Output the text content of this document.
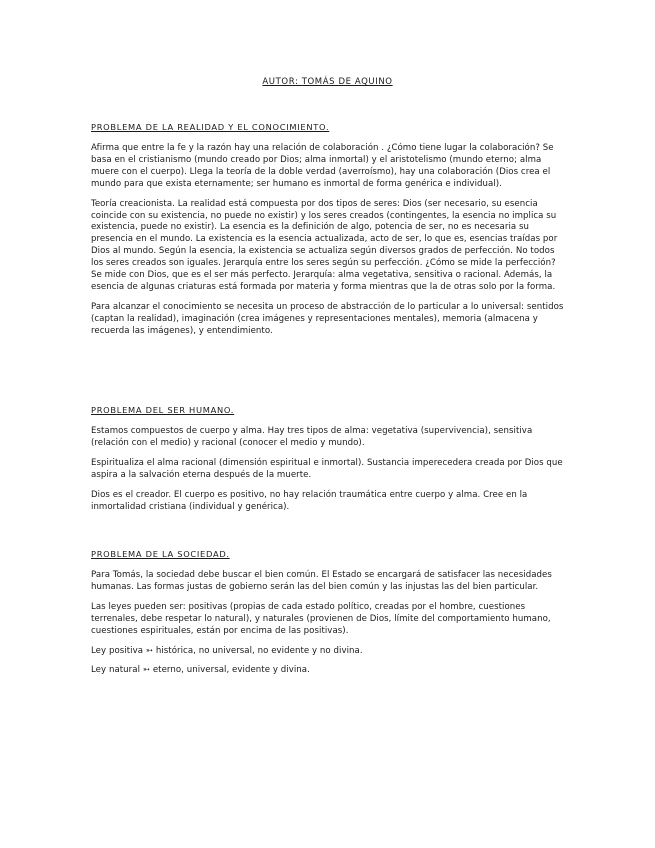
AUTOR: TOMÁS DE AQUINO
PROBLEMA DE LA REALIDAD Y EL CONOCIMIENTO.

Afirma que entre la fe y la razón hay una relación de colaboración . ¿Cómo tiene lugar la colaboración? Se basa en el cristianismo (mundo creado por Dios; alma inmortal) y el aristotelismo (mundo eterno; alma muere con el cuerpo). Llega la teoría de la doble verdad (averroísmo), hay una colaboración (Dios crea el mundo para que exista eternamente; ser humano es inmortal de forma genérica e individual).

Teoría creacionista. La realidad está compuesta por dos tipos de seres: Dios (ser necesario, su esencia coincide con su existencia, no puede no existir) y los seres creados (contingentes, la esencia no implica su existencia, puede no existir). La esencia es la definición de algo, potencia de ser, no es necesaria su presencia en el mundo. La existencia es la esencia actualizada, acto de ser, lo que es, esencias traídas por Dios al mundo. Según la esencia, la existencia se actualiza según diversos grados de perfección. No todos los seres creados son iguales. Jerarquía entre los seres según su perfección. ¿Cómo se mide la perfección? Se mide con Dios, que es el ser más perfecto. Jerarquía: alma vegetativa, sensitiva o racional. Además, la esencia de algunas criaturas está formada por materia y forma mientras que la de otras solo por la forma.

Para alcanzar el conocimiento se necesita un proceso de abstracción de lo particular a lo universal: sentidos (captan la realidad), imaginación (crea imágenes y representaciones mentales), memoria (almacena y recuerda las imágenes), y entendimiento.

PROBLEMA DEL SER HUMANO.

Estamos compuestos de cuerpo y alma. Hay tres tipos de alma: vegetativa (supervivencia), sensitiva (relación con el medio) y racional (conocer el medio y mundo).

Espiritualiza el alma racional (dimensión espiritual e inmortal). Sustancia imperecedera creada por Dios que aspira a la salvación eterna después de la muerte.

Dios es el creador. El cuerpo es positivo, no hay relación traumática entre cuerpo y alma. Cree en la inmortalidad cristiana (individual y genérica).

PROBLEMA DE LA SOCIEDAD.

Para Tomás, la sociedad debe buscar el bien común. El Estado se encargará de satisfacer las necesidades humanas. Las formas justas de gobierno serán las del bien común y las injustas las del bien particular.

Las leyes pueden ser: positivas (propias de cada estado político, creadas por el hombre, cuestiones terrenales, debe respetar lo natural), y naturales (provienen de Dios, límite del comportamiento humano, cuestiones espirituales, están por encima de las positivas).

Ley positiva ➳ histórica, no universal, no evidente y no divina.

Ley natural ➳ eterno, universal, evidente y divina.
